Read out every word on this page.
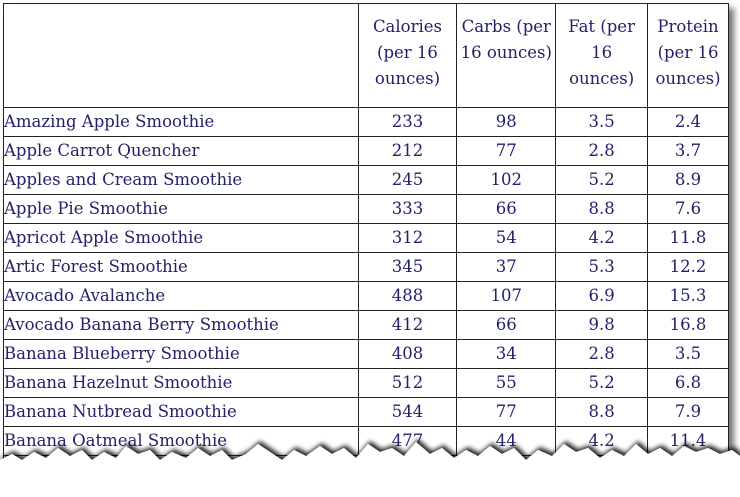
	Calories (per 16 ounces)	Carbs (per 16 ounces)	Fat (per 16 ounces)	Protein (per 16 ounces)
Amazing Apple Smoothie	233	98	3.5	2.4
Apple Carrot Quencher	212	77	2.8	3.7
Apples and Cream Smoothie	245	102	5.2	8.9
Apple Pie Smoothie	333	66	8.8	7.6
Apricot Apple Smoothie	312	54	4.2	11.8
Artic Forest Smoothie	345	37	5.3	12.2
Avocado Avalanche	488	107	6.9	15.3
Avocado Banana Berry Smoothie	412	66	9.8	16.8
Banana Blueberry Smoothie	408	34	2.8	3.5
Banana Hazelnut Smoothie	512	55	5.2	6.8
Banana Nutbread Smoothie	544	77	8.8	7.9
Banana Oatmeal Smoothie	477	44	4.2	11.4
